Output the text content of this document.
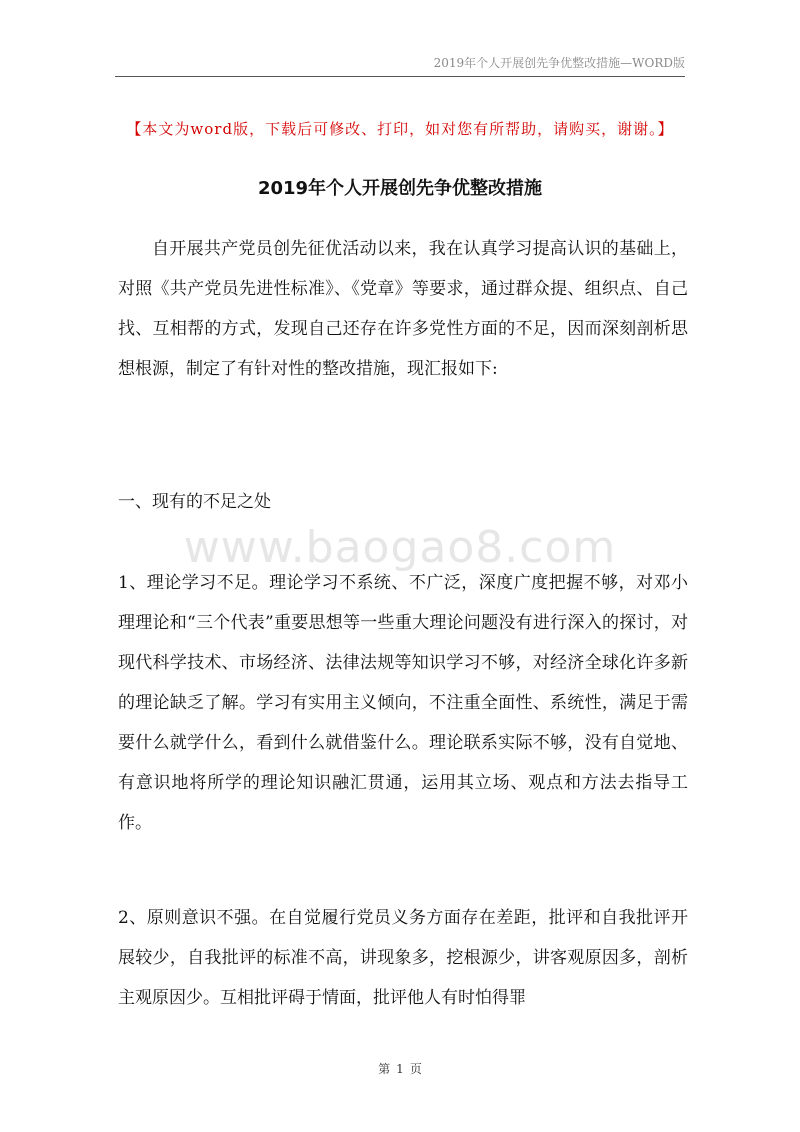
2019年个人开展创先争优整改措施—WORD版
【本文为word版，下载后可修改、打印，如对您有所帮助，请购买，谢谢。】
2019年个人开展创先争优整改措施
自开展共产党员创先征优活动以来，我在认真学习提高认识的基础上，对照《共产党员先进性标准》、《党章》等要求，通过群众提、组织点、自己找、互相帮的方式，发现自己还存在许多党性方面的不足，因而深刻剖析思想根源，制定了有针对性的整改措施，现汇报如下:
一、现有的不足之处
www.baogao8.com
1、理论学习不足。理论学习不系统、不广泛，深度广度把握不够，对邓小理理论和“三个代表”重要思想等一些重大理论问题没有进行深入的探讨，对现代科学技术、市场经济、法律法规等知识学习不够，对经济全球化许多新的理论缺乏了解。学习有实用主义倾向，不注重全面性、系统性，满足于需要什么就学什么，看到什么就借鉴什么。理论联系实际不够，没有自觉地、有意识地将所学的理论知识融汇贯通，运用其立场、观点和方法去指导工作。
2、原则意识不强。在自觉履行党员义务方面存在差距，批评和自我批评开展较少，自我批评的标准不高，讲现象多，挖根源少，讲客观原因多，剖析主观原因少。互相批评碍于情面，批评他人有时怕得罪
第 1 页
